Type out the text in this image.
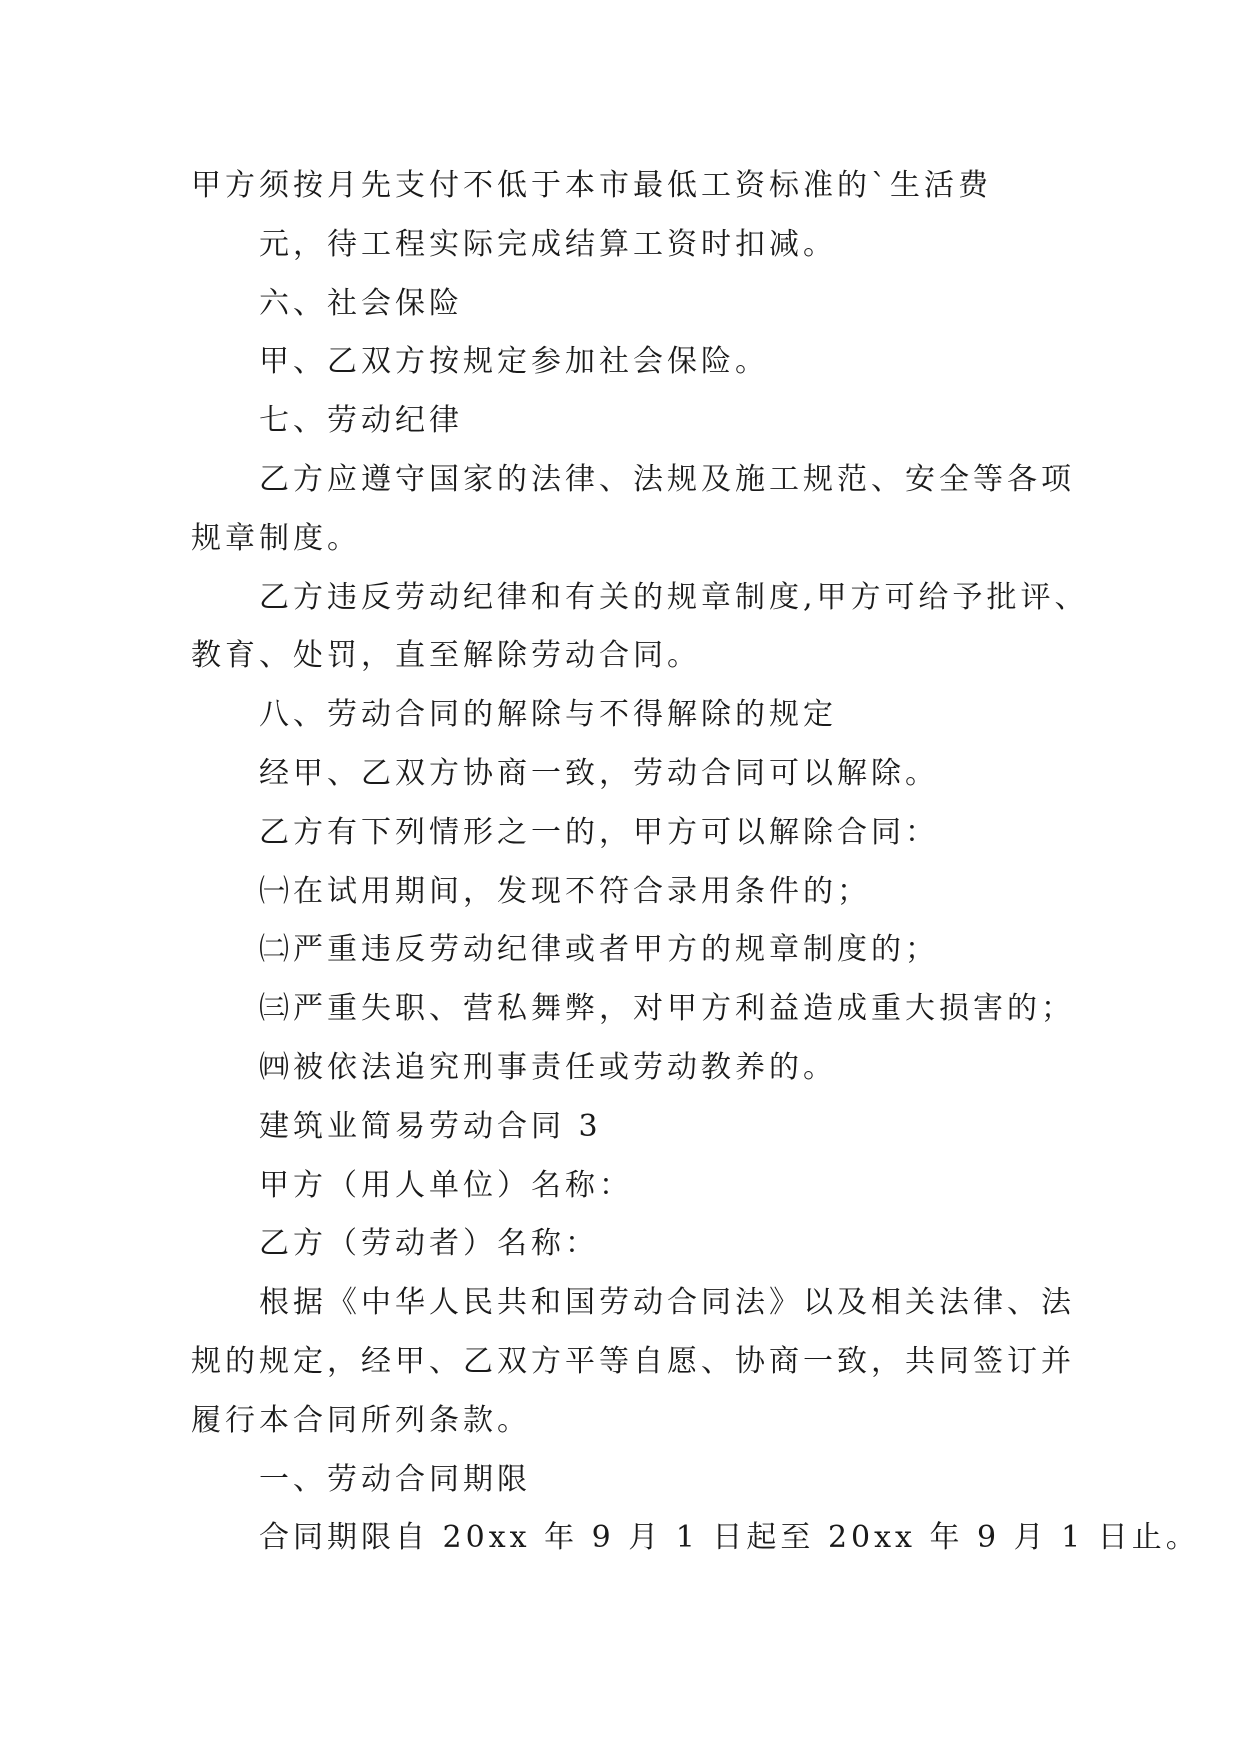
甲方须按月先支付不低于本市最低工资标准的`生活费
元，待工程实际完成结算工资时扣减。
六、社会保险
甲、乙双方按规定参加社会保险。
七、劳动纪律
乙方应遵守国家的法律、法规及施工规范、安全等各项
规章制度。
乙方违反劳动纪律和有关的规章制度,甲方可给予批评、
教育、处罚，直至解除劳动合同。
八、劳动合同的解除与不得解除的规定
经甲、乙双方协商一致，劳动合同可以解除。
乙方有下列情形之一的，甲方可以解除合同：
㈠在试用期间，发现不符合录用条件的；
㈡严重违反劳动纪律或者甲方的规章制度的；
㈢严重失职、营私舞弊，对甲方利益造成重大损害的；
㈣被依法追究刑事责任或劳动教养的。
建筑业简易劳动合同 3
甲方（用人单位）名称：
乙方（劳动者）名称：
根据《中华人民共和国劳动合同法》以及相关法律、法
规的规定，经甲、乙双方平等自愿、协商一致，共同签订并
履行本合同所列条款。
一、劳动合同期限
合同期限自 20xx 年 9 月 1 日起至 20xx 年 9 月 1 日止。
